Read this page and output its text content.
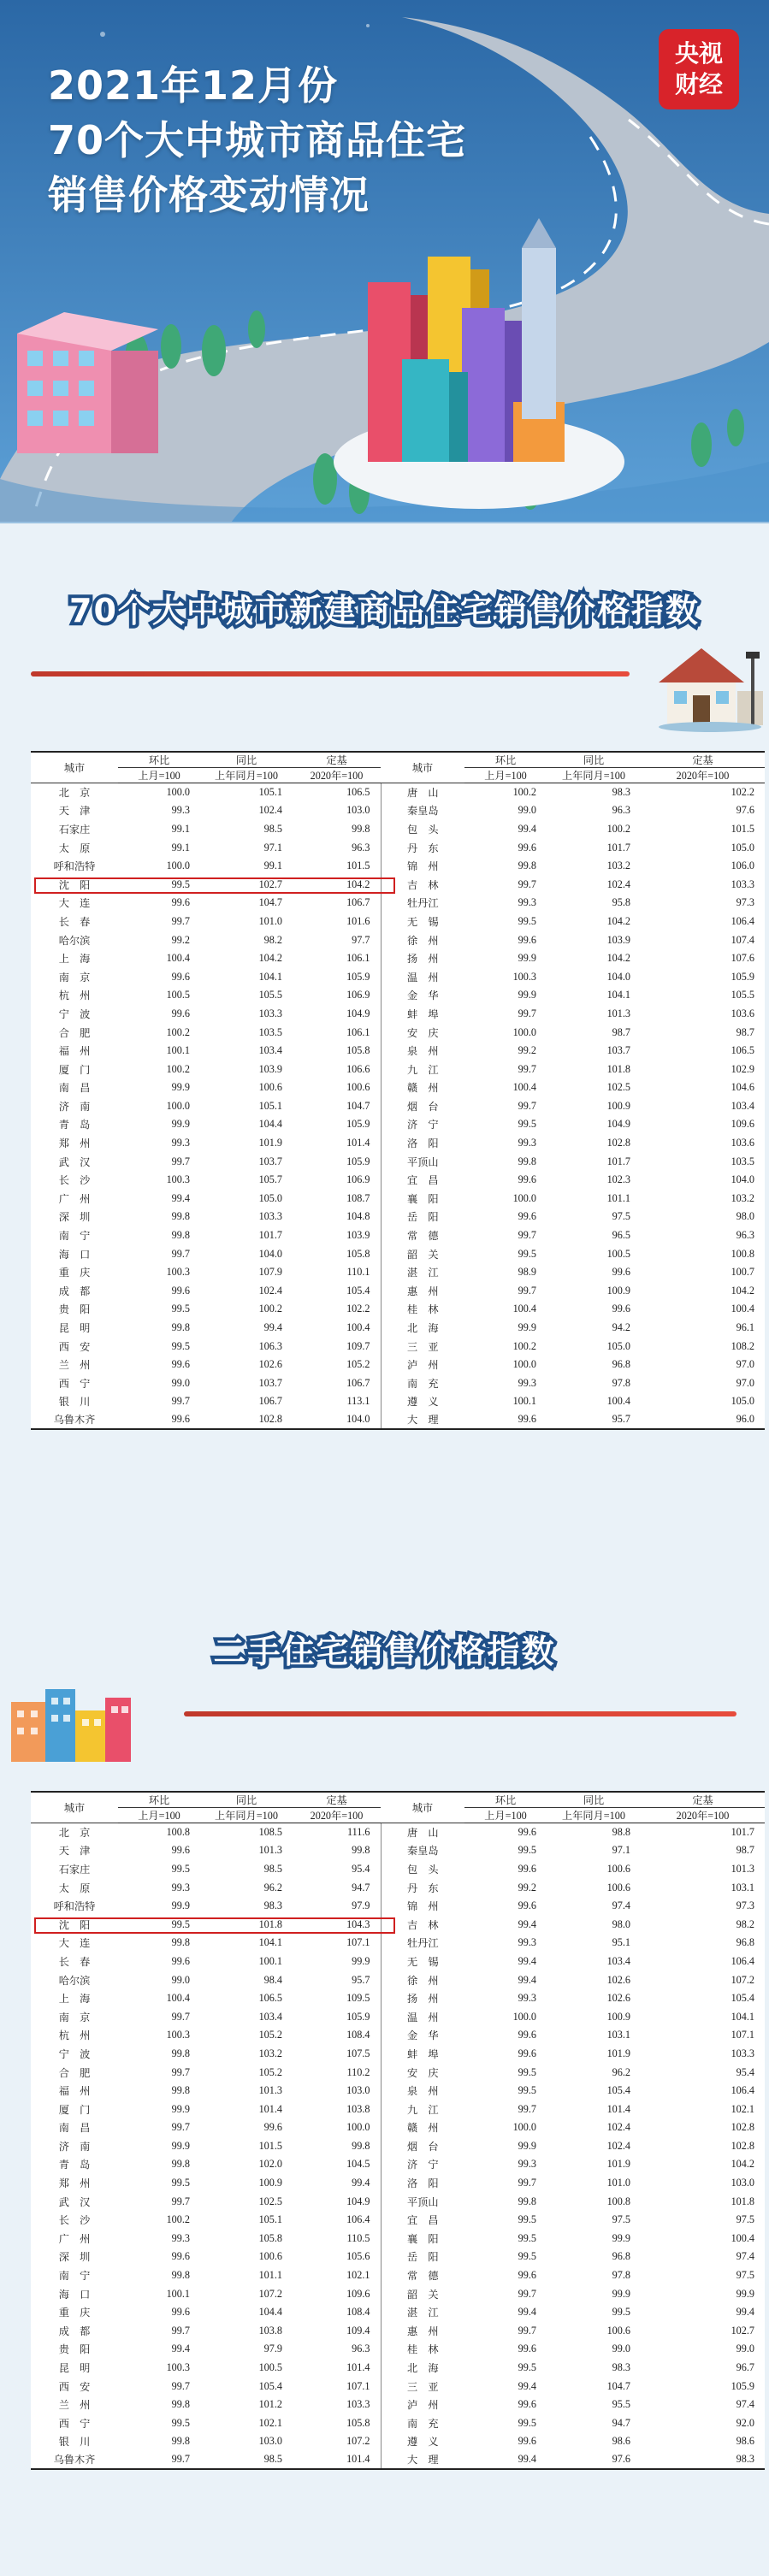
2021年12月份
70个大中城市商品住宅
销售价格变动情况
央视
财经
70个大中城市新建商品住宅销售价格指数
城市	环比	同比	定基	城市	环比	同比	定基
	上月=100	上年同月=100	2020年=100		上月=100	上年同月=100	2020年=100
北　京	100.0	105.1	106.5	唐　山	100.2	98.3	102.2
天　津	99.3	102.4	103.0	秦皇岛	99.0	96.3	97.6
石家庄	99.1	98.5	99.8	包　头	99.4	100.2	101.5
太　原	99.1	97.1	96.3	丹　东	99.6	101.7	105.0
呼和浩特	100.0	99.1	101.5	锦　州	99.8	103.2	106.0
沈　阳	99.5	102.7	104.2	吉　林	99.7	102.4	103.3
大　连	99.6	104.7	106.7	牡丹江	99.3	95.8	97.3
长　春	99.7	101.0	101.6	无　锡	99.5	104.2	106.4
哈尔滨	99.2	98.2	97.7	徐　州	99.6	103.9	107.4
上　海	100.4	104.2	106.1	扬　州	99.9	104.2	107.6
南　京	99.6	104.1	105.9	温　州	100.3	104.0	105.9
杭　州	100.5	105.5	106.9	金　华	99.9	104.1	105.5
宁　波	99.6	103.3	104.9	蚌　埠	99.7	101.3	103.6
合　肥	100.2	103.5	106.1	安　庆	100.0	98.7	98.7
福　州	100.1	103.4	105.8	泉　州	99.2	103.7	106.5
厦　门	100.2	103.9	106.6	九　江	99.7	101.8	102.9
南　昌	99.9	100.6	100.6	赣　州	100.4	102.5	104.6
济　南	100.0	105.1	104.7	烟　台	99.7	100.9	103.4
青　岛	99.9	104.4	105.9	济　宁	99.5	104.9	109.6
郑　州	99.3	101.9	101.4	洛　阳	99.3	102.8	103.6
武　汉	99.7	103.7	105.9	平顶山	99.8	101.7	103.5
长　沙	100.3	105.7	106.9	宜　昌	99.6	102.3	104.0
广　州	99.4	105.0	108.7	襄　阳	100.0	101.1	103.2
深　圳	99.8	103.3	104.8	岳　阳	99.6	97.5	98.0
南　宁	99.8	101.7	103.9	常　德	99.7	96.5	96.3
海　口	99.7	104.0	105.8	韶　关	99.5	100.5	100.8
重　庆	100.3	107.9	110.1	湛　江	98.9	99.6	100.7
成　都	99.6	102.4	105.4	惠　州	99.7	100.9	104.2
贵　阳	99.5	100.2	102.2	桂　林	100.4	99.6	100.4
昆　明	99.8	99.4	100.4	北　海	99.9	94.2	96.1
西　安	99.5	106.3	109.7	三　亚	100.2	105.0	108.2
兰　州	99.6	102.6	105.2	泸　州	100.0	96.8	97.0
西　宁	99.0	103.7	106.7	南　充	99.3	97.8	97.0
银　川	99.7	106.7	113.1	遵　义	100.1	100.4	105.0
乌鲁木齐	99.6	102.8	104.0	大　理	99.6	95.7	96.0
二手住宅销售价格指数
城市	环比	同比	定基	城市	环比	同比	定基
	上月=100	上年同月=100	2020年=100		上月=100	上年同月=100	2020年=100
北　京	100.8	108.5	111.6	唐　山	99.6	98.8	101.7
天　津	99.6	101.3	99.8	秦皇岛	99.5	97.1	98.7
石家庄	99.5	98.5	95.4	包　头	99.6	100.6	101.3
太　原	99.3	96.2	94.7	丹　东	99.2	100.6	103.1
呼和浩特	99.9	98.3	97.9	锦　州	99.6	97.4	97.3
沈　阳	99.5	101.8	104.3	吉　林	99.4	98.0	98.2
大　连	99.8	104.1	107.1	牡丹江	99.3	95.1	96.8
长　春	99.6	100.1	99.9	无　锡	99.4	103.4	106.4
哈尔滨	99.0	98.4	95.7	徐　州	99.4	102.6	107.2
上　海	100.4	106.5	109.5	扬　州	99.3	102.6	105.4
南　京	99.7	103.4	105.9	温　州	100.0	100.9	104.1
杭　州	100.3	105.2	108.4	金　华	99.6	103.1	107.1
宁　波	99.8	103.2	107.5	蚌　埠	99.6	101.9	103.3
合　肥	99.7	105.2	110.2	安　庆	99.5	96.2	95.4
福　州	99.8	101.3	103.0	泉　州	99.5	105.4	106.4
厦　门	99.9	101.4	103.8	九　江	99.7	101.4	102.1
南　昌	99.7	99.6	100.0	赣　州	100.0	102.4	102.8
济　南	99.9	101.5	99.8	烟　台	99.9	102.4	102.8
青　岛	99.8	102.0	104.5	济　宁	99.3	101.9	104.2
郑　州	99.5	100.9	99.4	洛　阳	99.7	101.0	103.0
武　汉	99.7	102.5	104.9	平顶山	99.8	100.8	101.8
长　沙	100.2	105.1	106.4	宜　昌	99.5	97.5	97.5
广　州	99.3	105.8	110.5	襄　阳	99.5	99.9	100.4
深　圳	99.6	100.6	105.6	岳　阳	99.5	96.8	97.4
南　宁	99.8	101.1	102.1	常　德	99.6	97.8	97.5
海　口	100.1	107.2	109.6	韶　关	99.7	99.9	99.9
重　庆	99.6	104.4	108.4	湛　江	99.4	99.5	99.4
成　都	99.7	103.8	109.4	惠　州	99.7	100.6	102.7
贵　阳	99.4	97.9	96.3	桂　林	99.6	99.0	99.0
昆　明	100.3	100.5	101.4	北　海	99.5	98.3	96.7
西　安	99.7	105.4	107.1	三　亚	99.4	104.7	105.9
兰　州	99.8	101.2	103.3	泸　州	99.6	95.5	97.4
西　宁	99.5	102.1	105.8	南　充	99.5	94.7	92.0
银　川	99.8	103.0	107.2	遵　义	99.6	98.6	98.6
乌鲁木齐	99.7	98.5	101.4	大　理	99.4	97.6	98.3
